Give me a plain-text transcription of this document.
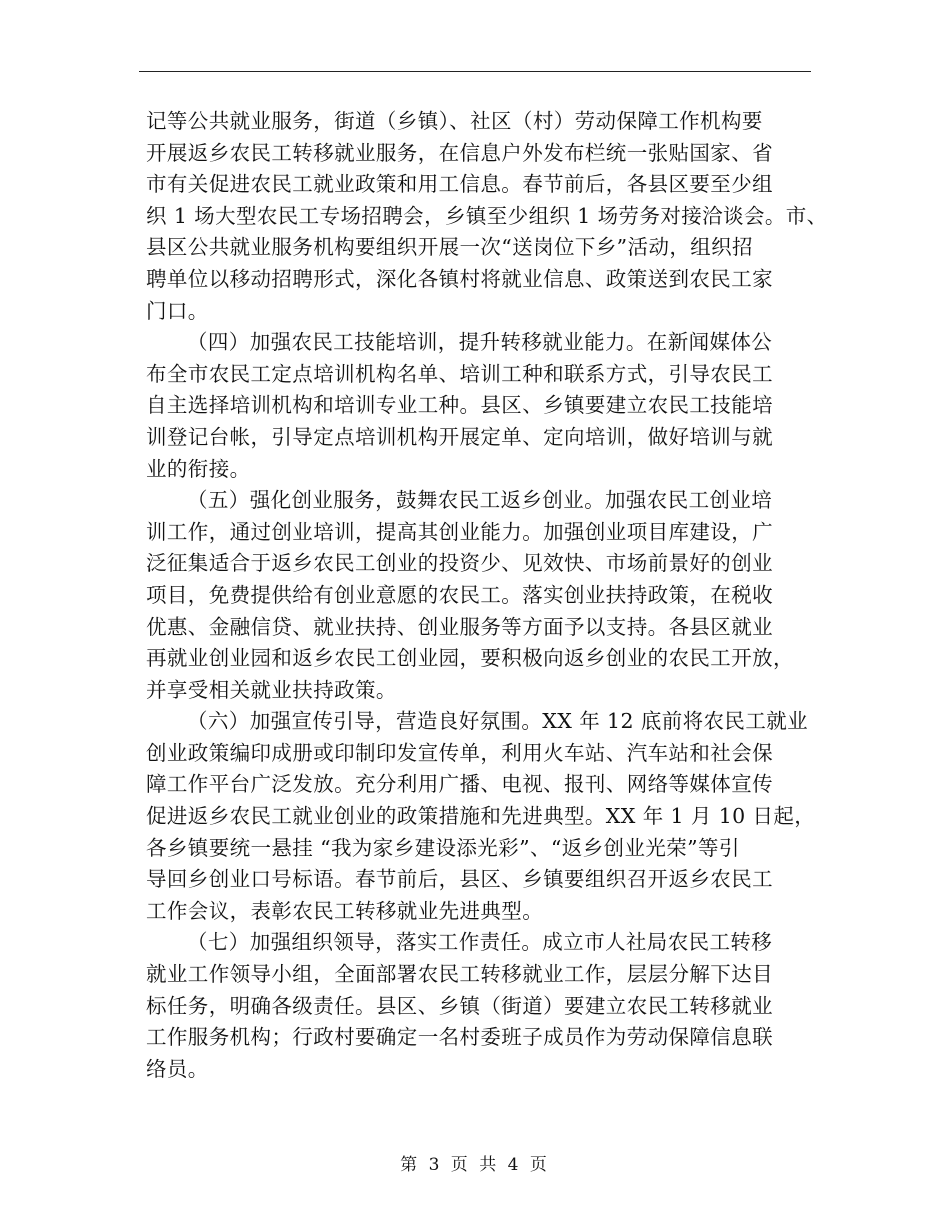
记等公共就业服务，街道（乡镇）、社区（村）劳动保障工作机构要
开展返乡农民工转移就业服务，在信息户外发布栏统一张贴国家、省
市有关促进农民工就业政策和用工信息。春节前后，各县区要至少组
织 1 场大型农民工专场招聘会，乡镇至少组织 1 场劳务对接洽谈会。市、
县区公共就业服务机构要组织开展一次“送岗位下乡”活动，组织招
聘单位以移动招聘形式，深化各镇村将就业信息、政策送到农民工家
门口。
（四）加强农民工技能培训，提升转移就业能力。在新闻媒体公
布全市农民工定点培训机构名单、培训工种和联系方式，引导农民工
自主选择培训机构和培训专业工种。县区、乡镇要建立农民工技能培
训登记台帐，引导定点培训机构开展定单、定向培训，做好培训与就
业的衔接。
（五）强化创业服务，鼓舞农民工返乡创业。加强农民工创业培
训工作，通过创业培训，提高其创业能力。加强创业项目库建设，广
泛征集适合于返乡农民工创业的投资少、见效快、市场前景好的创业
项目，免费提供给有创业意愿的农民工。落实创业扶持政策，在税收
优惠、金融信贷、就业扶持、创业服务等方面予以支持。各县区就业
再就业创业园和返乡农民工创业园，要积极向返乡创业的农民工开放，
并享受相关就业扶持政策。
（六）加强宣传引导，营造良好氛围。XX 年 12 底前将农民工就业
创业政策编印成册或印制印发宣传单，利用火车站、汽车站和社会保
障工作平台广泛发放。充分利用广播、电视、报刊、网络等媒体宣传
促进返乡农民工就业创业的政策措施和先进典型。XX 年 1 月 10 日起，
各乡镇要统一悬挂 “我为家乡建设添光彩”、“返乡创业光荣”等引
导回乡创业口号标语。春节前后，县区、乡镇要组织召开返乡农民工
工作会议，表彰农民工转移就业先进典型。
（七）加强组织领导，落实工作责任。成立市人社局农民工转移
就业工作领导小组，全面部署农民工转移就业工作，层层分解下达目
标任务，明确各级责任。县区、乡镇（街道）要建立农民工转移就业
工作服务机构；行政村要确定一名村委班子成员作为劳动保障信息联
络员。
第 3 页 共 4 页
